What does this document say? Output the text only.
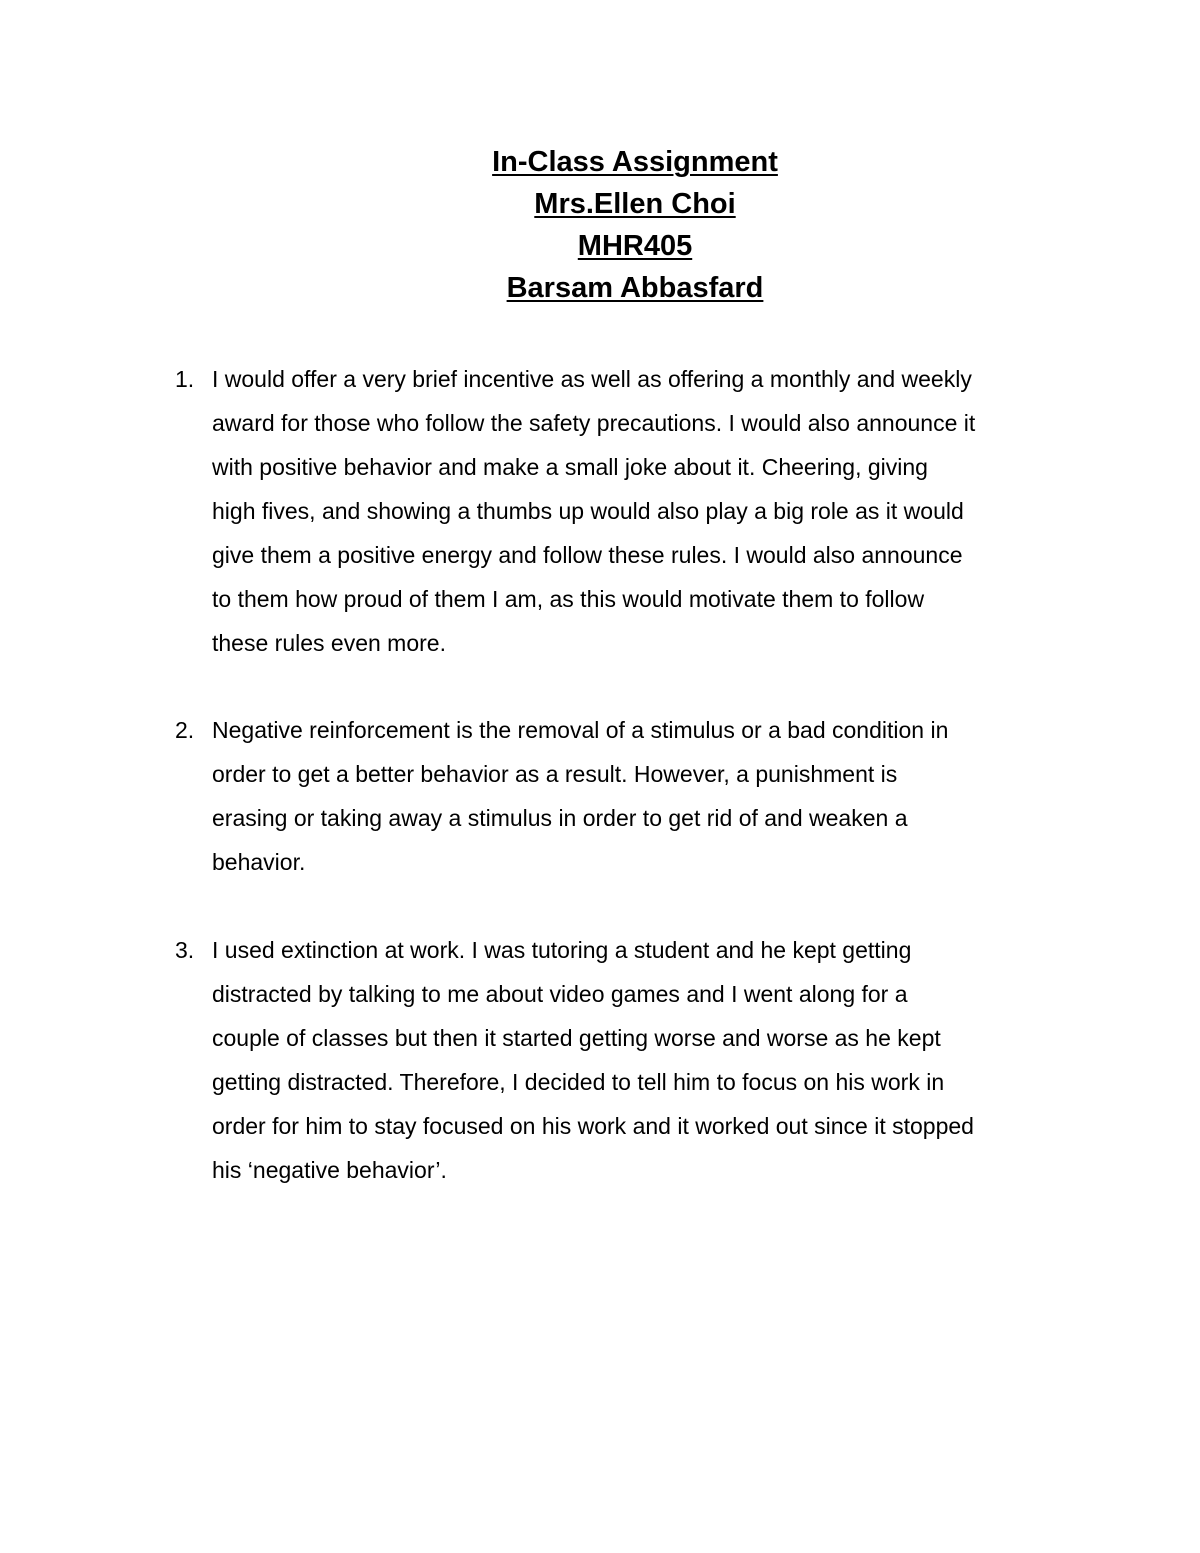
In-Class Assignment
Mrs.Ellen Choi
MHR405
Barsam Abbasfard
1. I would offer a very brief incentive as well as offering a monthly and weekly
award for those who follow the safety precautions. I would also announce it
with positive behavior and make a small joke about it. Cheering, giving
high fives, and showing a thumbs up would also play a big role as it would
give them a positive energy and follow these rules. I would also announce
to them how proud of them I am, as this would motivate them to follow
these rules even more.
2. Negative reinforcement is the removal of a stimulus or a bad condition in
order to get a better behavior as a result. However, a punishment is
erasing or taking away a stimulus in order to get rid of and weaken a
behavior.
3. I used extinction at work. I was tutoring a student and he kept getting
distracted by talking to me about video games and I went along for a
couple of classes but then it started getting worse and worse as he kept
getting distracted. Therefore, I decided to tell him to focus on his work in
order for him to stay focused on his work and it worked out since it stopped
his ‘negative behavior’.
